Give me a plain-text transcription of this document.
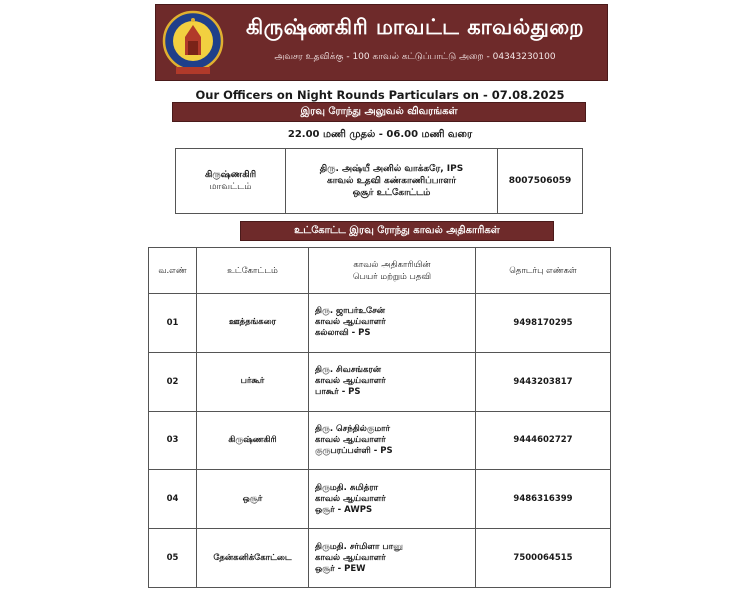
கிருஷ்ணகிரி மாவட்ட காவல்துறை
அவசர உதவிக்கு - 100 காவல் கட்டுப்பாட்டு அறை - 04343230100
Our Officers on Night Rounds Particulars on - 07.08.2025
இரவு ரோந்து அலுவல் விவரங்கள்
22.00 மணி முதல் - 06.00 மணி வரை
கிருஷ்ணகிரி
மாவட்டம்

திரு. அஷ்யீ அனில் வாக்கரே, IPS
காவல் உதவி கண்காணிப்பாளர்
ஒசூர் உட்கோட்டம்
	8007506059
உட்கோட்ட இரவு ரோந்து காவல் அதிகாரிகள்
வ.எண்	உட்கோட்டம்	காவல் அதிகாரியின்
பெயர் மற்றும் பதவி	தொடர்பு எண்கள்
01	ஊத்தங்கரை	திரு. ஜாபர்உசேன்
காவல் ஆய்வாளர்
கல்லாவி - PS	9498170295
02	பர்கூர்	திரு. சிவசங்கரன்
காவல் ஆய்வாளர்
பாகூர் - PS	9443203817
03	கிருஷ்ணகிரி	திரு. செந்தில்குமார்
காவல் ஆய்வாளர்
குருபரப்பள்ளி - PS	9444602727
04	ஒசூர்	திருமதி. சுமித்ரா
காவல் ஆய்வாளர்
ஒசூர் - AWPS	9486316399
05	தேன்கனிக்கோட்டை	திருமதி. சர்மிளா பானு
காவல் ஆய்வாளர்
ஒசூர் - PEW	7500064515
